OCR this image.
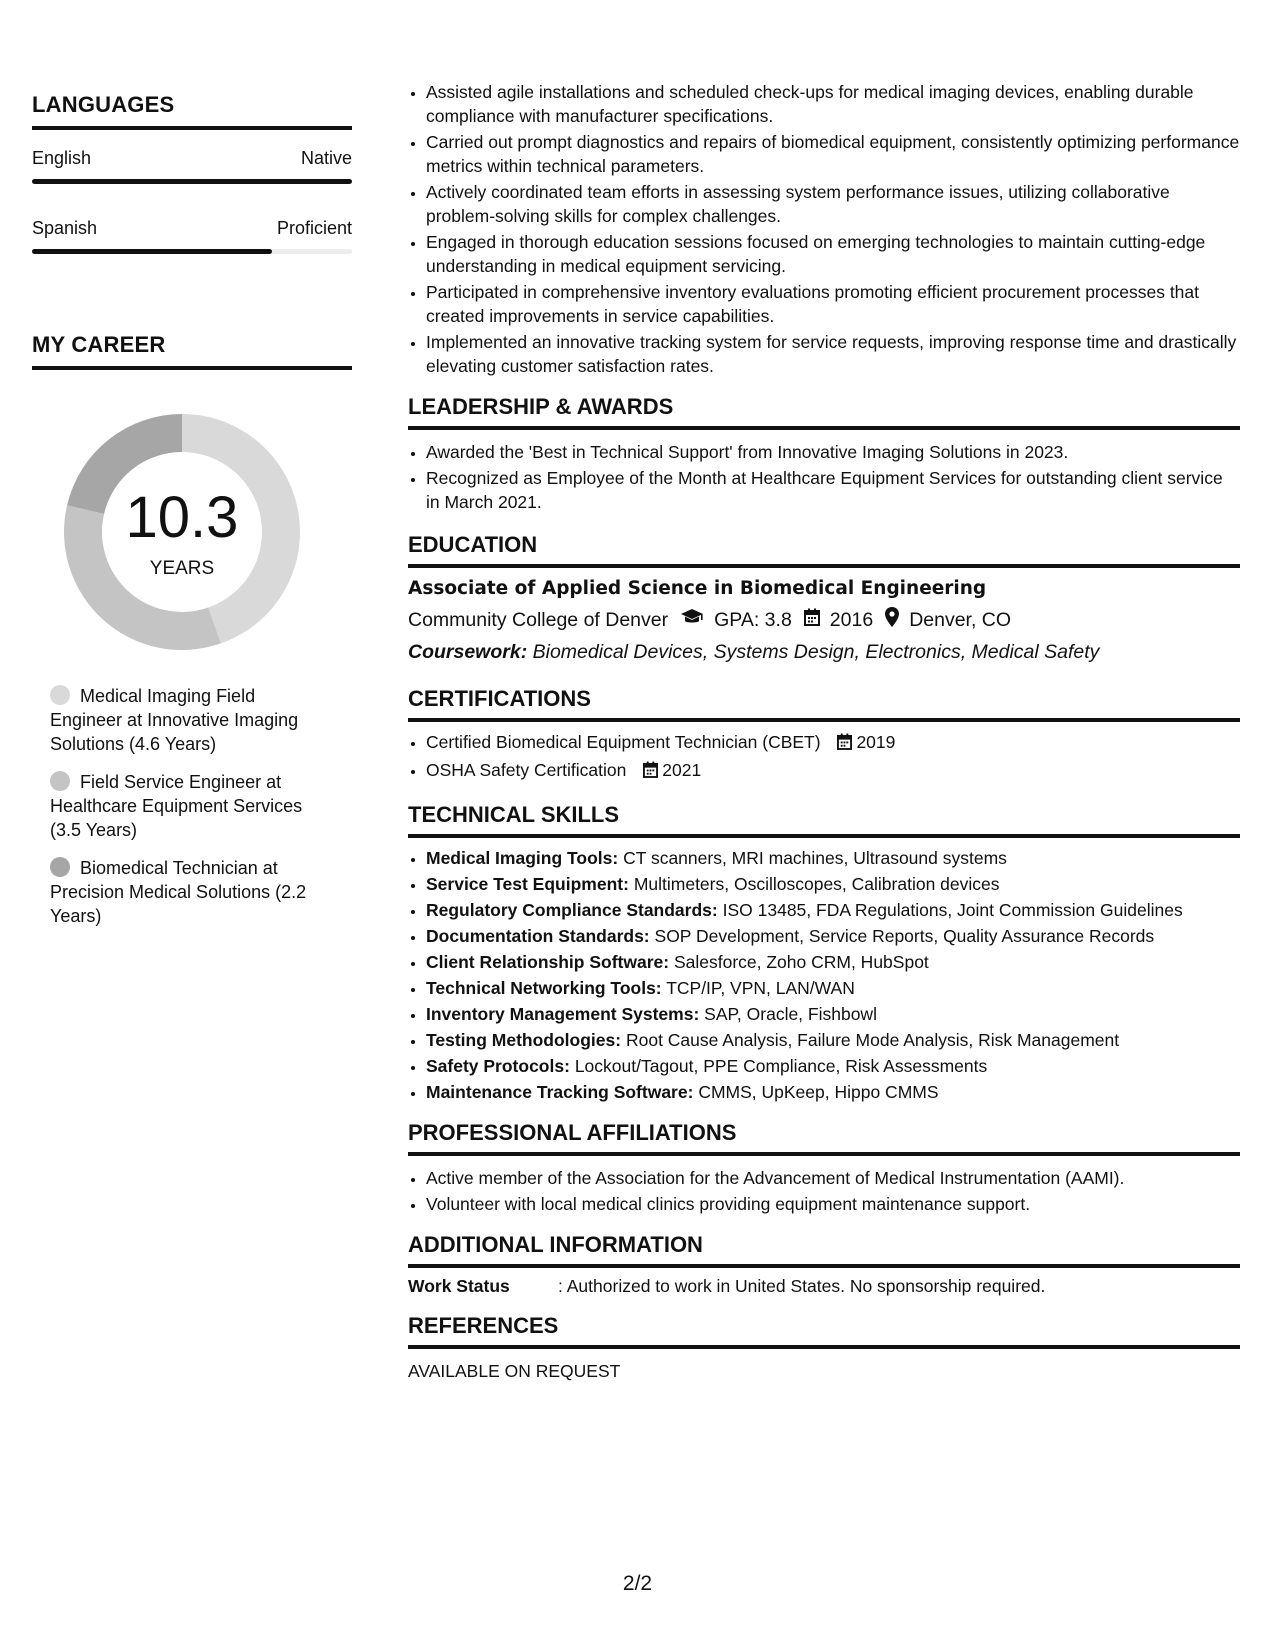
LANGUAGES
English	Native
Spanish	Proficient
MY CAREER
10.3
YEARS
Medical Imaging Field Engineer at Innovative Imaging Solutions (4.6 Years)
Field Service Engineer at Healthcare Equipment Services (3.5 Years)
Biomedical Technician at Precision Medical Solutions (2.2 Years)
• Assisted agile installations and scheduled check-ups for medical imaging devices, enabling durable compliance with manufacturer specifications.
• Carried out prompt diagnostics and repairs of biomedical equipment, consistently optimizing performance metrics within technical parameters.
• Actively coordinated team efforts in assessing system performance issues, utilizing collaborative problem-solving skills for complex challenges.
• Engaged in thorough education sessions focused on emerging technologies to maintain cutting-edge understanding in medical equipment servicing.
• Participated in comprehensive inventory evaluations promoting efficient procurement processes that created improvements in service capabilities.
• Implemented an innovative tracking system for service requests, improving response time and drastically elevating customer satisfaction rates.
LEADERSHIP & AWARDS
• Awarded the 'Best in Technical Support' from Innovative Imaging Solutions in 2023.
• Recognized as Employee of the Month at Healthcare Equipment Services for outstanding client service in March 2021.
EDUCATION
Associate of Applied Science in Biomedical Engineering
Community College of Denver GPA: 3.8 2016 Denver, CO
Coursework: Biomedical Devices, Systems Design, Electronics, Medical Safety
CERTIFICATIONS
• Certified Biomedical Equipment Technician (CBET) 2019
• OSHA Safety Certification 2021
TECHNICAL SKILLS
• Medical Imaging Tools: CT scanners, MRI machines, Ultrasound systems
• Service Test Equipment: Multimeters, Oscilloscopes, Calibration devices
• Regulatory Compliance Standards: ISO 13485, FDA Regulations, Joint Commission Guidelines
• Documentation Standards: SOP Development, Service Reports, Quality Assurance Records
• Client Relationship Software: Salesforce, Zoho CRM, HubSpot
• Technical Networking Tools: TCP/IP, VPN, LAN/WAN
• Inventory Management Systems: SAP, Oracle, Fishbowl
• Testing Methodologies: Root Cause Analysis, Failure Mode Analysis, Risk Management
• Safety Protocols: Lockout/Tagout, PPE Compliance, Risk Assessments
• Maintenance Tracking Software: CMMS, UpKeep, Hippo CMMS
PROFESSIONAL AFFILIATIONS
• Active member of the Association for the Advancement of Medical Instrumentation (AAMI).
• Volunteer with local medical clinics providing equipment maintenance support.
ADDITIONAL INFORMATION
Work Status	: Authorized to work in United States. No sponsorship required.
REFERENCES
AVAILABLE ON REQUEST
2/2
